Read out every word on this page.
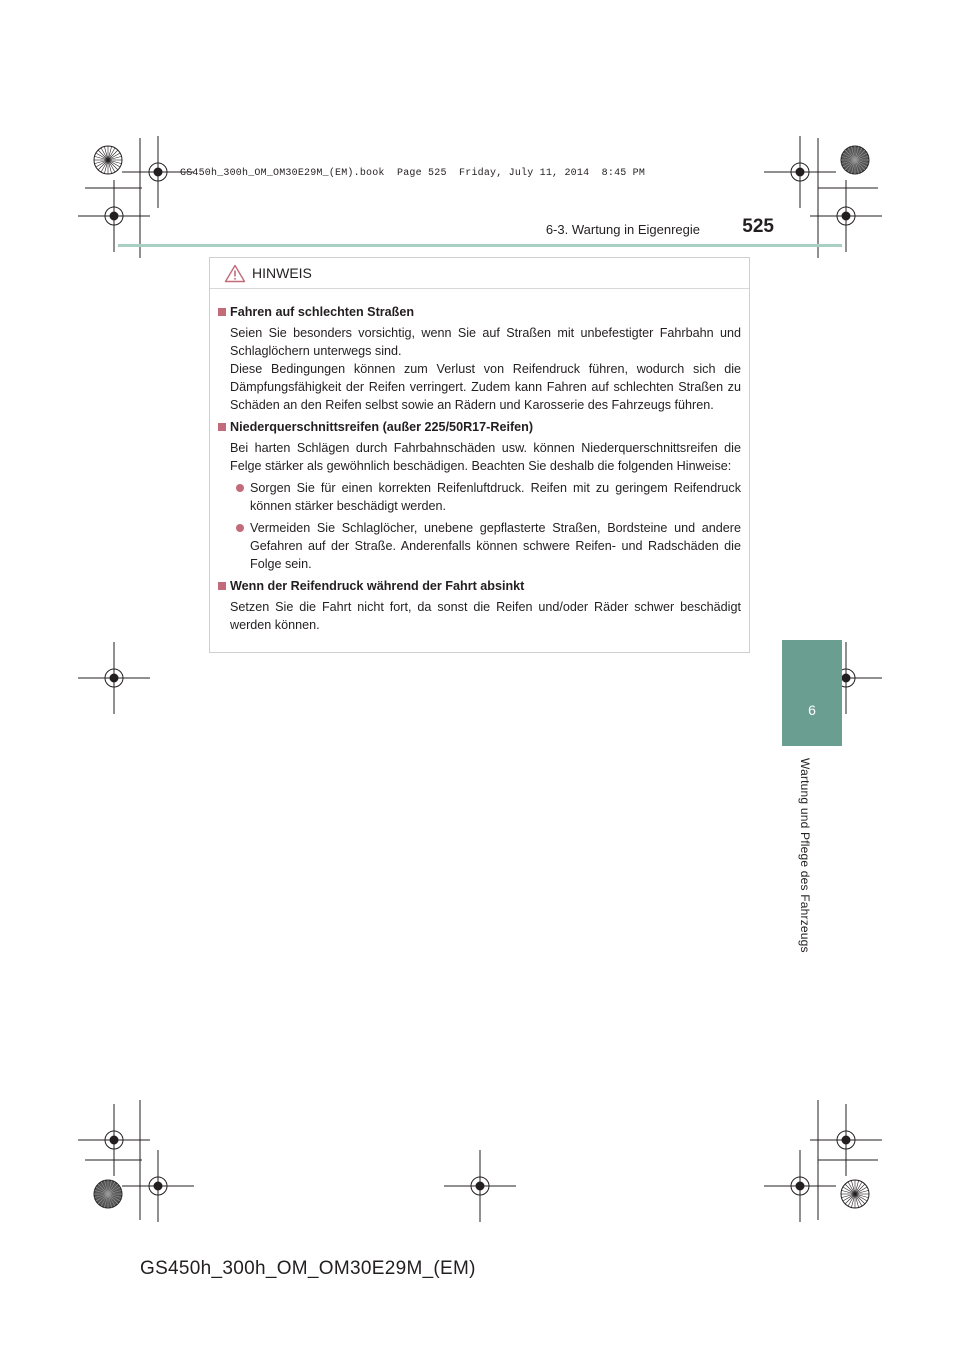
GS450h_300h_OM_OM30E29M_(EM).book  Page 525  Friday, July 11, 2014  8:45 PM
6-3. Wartung in Eigenregie	525
6
Wartung und Pflege des Fahrzeugs
HINWEIS
Fahren auf schlechten Straßen
Seien Sie besonders vorsichtig, wenn Sie auf Straßen mit unbefestigter Fahrbahn und Schlaglöchern unterwegs sind.
Diese Bedingungen können zum Verlust von Reifendruck führen, wodurch sich die Dämpfungsfähigkeit der Reifen verringert. Zudem kann Fahren auf schlechten Straßen zu Schäden an den Reifen selbst sowie an Rädern und Karosserie des Fahrzeugs führen.
Niederquerschnittsreifen (außer 225/50R17-Reifen)
Bei harten Schlägen durch Fahrbahnschäden usw. können Niederquerschnittsreifen die Felge stärker als gewöhnlich beschädigen. Beachten Sie deshalb die folgenden Hinweise:
Sorgen Sie für einen korrekten Reifenluftdruck. Reifen mit zu geringem Reifendruck können stärker beschädigt werden.
Vermeiden Sie Schlaglöcher, unebene gepflasterte Straßen, Bordsteine und andere Gefahren auf der Straße. Anderenfalls können schwere Reifen- und Radschäden die Folge sein.
Wenn der Reifendruck während der Fahrt absinkt
Setzen Sie die Fahrt nicht fort, da sonst die Reifen und/oder Räder schwer beschädigt werden können.
GS450h_300h_OM_OM30E29M_(EM)
